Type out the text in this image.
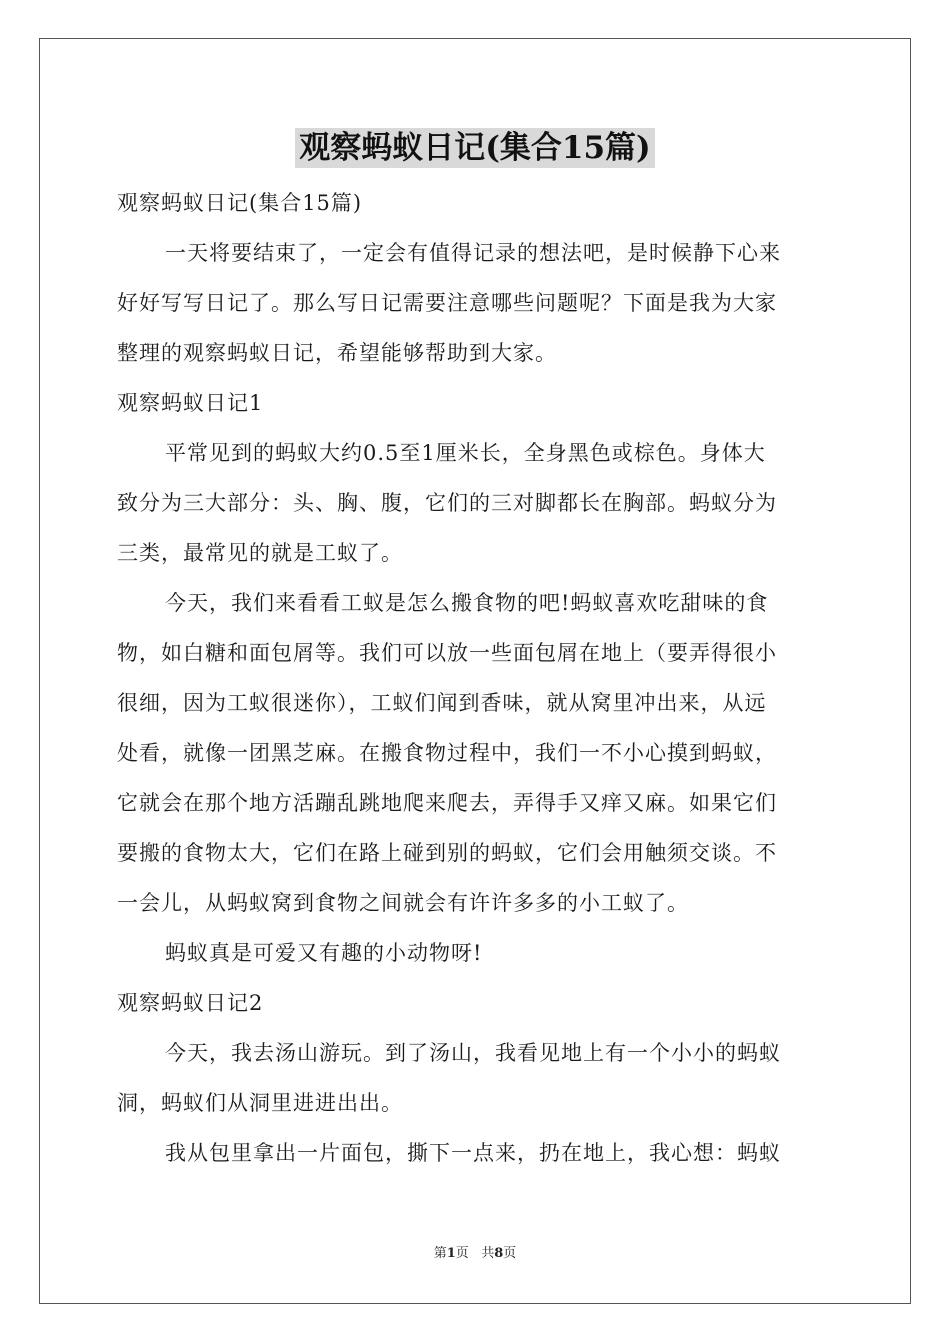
观察蚂蚁日记(集合15篇)

观察蚂蚁日记(集合15篇)

一天将要结束了，一定会有值得记录的想法吧，是时候静下心来

好好写写日记了。那么写日记需要注意哪些问题呢？下面是我为大家

整理的观察蚂蚁日记，希望能够帮助到大家。

观察蚂蚁日记1

平常见到的蚂蚁大约0.5至1厘米长，全身黑色或棕色。身体大

致分为三大部分：头、胸、腹，它们的三对脚都长在胸部。蚂蚁分为

三类，最常见的就是工蚁了。

今天，我们来看看工蚁是怎么搬食物的吧!蚂蚁喜欢吃甜味的食

物，如白糖和面包屑等。我们可以放一些面包屑在地上（要弄得很小

很细，因为工蚁很迷你），工蚁们闻到香味，就从窝里冲出来，从远

处看，就像一团黑芝麻。在搬食物过程中，我们一不小心摸到蚂蚁，

它就会在那个地方活蹦乱跳地爬来爬去，弄得手又痒又麻。如果它们

要搬的食物太大，它们在路上碰到别的蚂蚁，它们会用触须交谈。不

一会儿，从蚂蚁窝到食物之间就会有许许多多的小工蚁了。

蚂蚁真是可爱又有趣的小动物呀!

观察蚂蚁日记2

今天，我去汤山游玩。到了汤山，我看见地上有一个小小的蚂蚁

洞，蚂蚁们从洞里进进出出。

我从包里拿出一片面包，撕下一点来，扔在地上，我心想：蚂蚁

第1页 共8页
